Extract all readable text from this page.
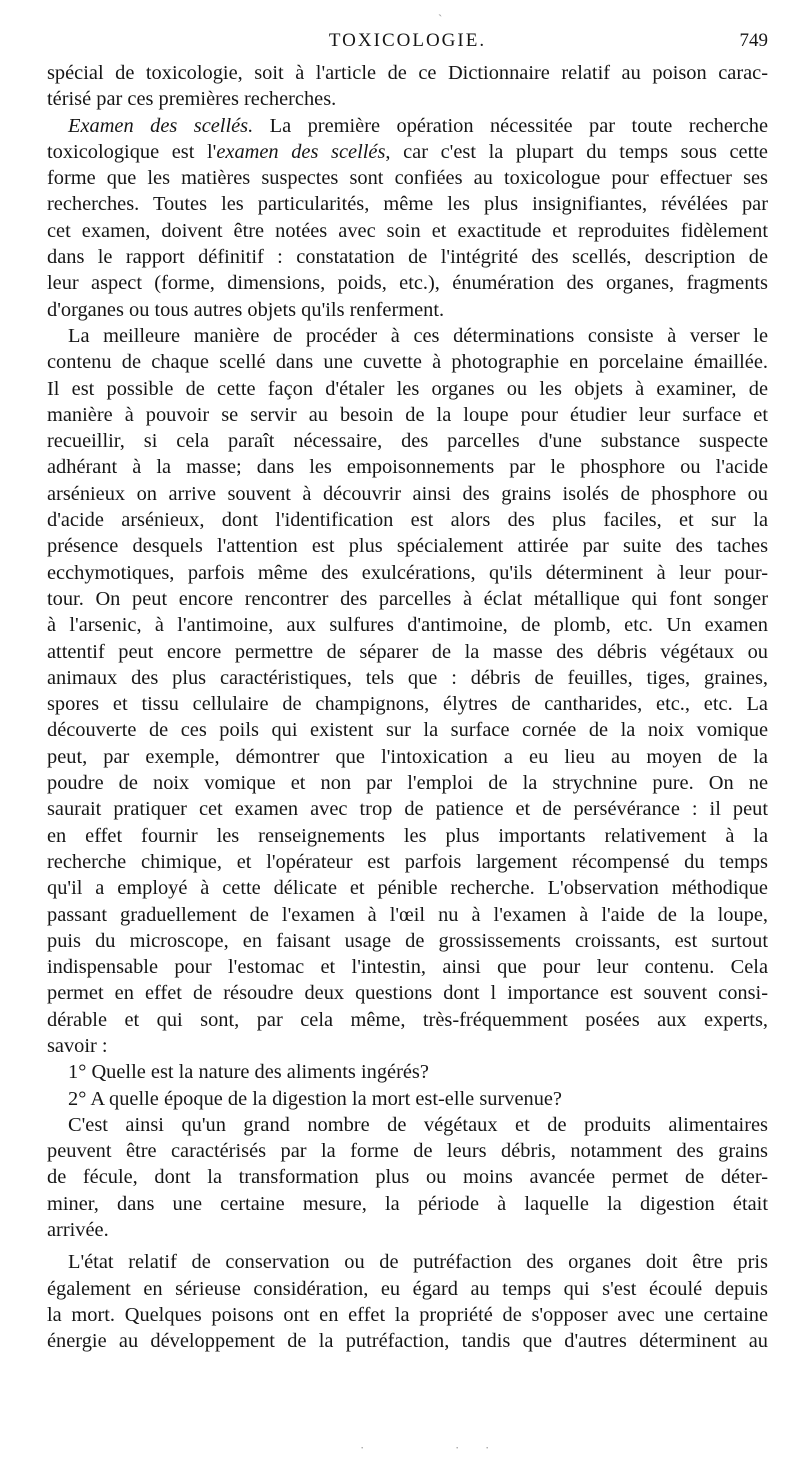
ˏ
TOXICOLOGIE.	749
spécial de toxicologie, soit à l'article de ce Dictionnaire relatif au poison carac-
térisé par ces premières recherches.
Examen des scellés. La première opération nécessitée par toute recherche
toxicologique est l'examen des scellés, car c'est la plupart du temps sous cette
forme que les matières suspectes sont confiées au toxicologue pour effectuer ses
recherches. Toutes les particularités, même les plus insignifiantes, révélées par
cet examen, doivent être notées avec soin et exactitude et reproduites fidèlement
dans le rapport définitif : constatation de l'intégrité des scellés, description de
leur aspect (forme, dimensions, poids, etc.), énumération des organes, fragments
d'organes ou tous autres objets qu'ils renferment.
La meilleure manière de procéder à ces déterminations consiste à verser le
contenu de chaque scellé dans une cuvette à photographie en porcelaine émaillée.
Il est possible de cette façon d'étaler les organes ou les objets à examiner, de
manière à pouvoir se servir au besoin de la loupe pour étudier leur surface et
recueillir, si cela paraît nécessaire, des parcelles d'une substance suspecte
adhérant à la masse; dans les empoisonnements par le phosphore ou l'acide
arsénieux on arrive souvent à découvrir ainsi des grains isolés de phosphore ou
d'acide arsénieux, dont l'identification est alors des plus faciles, et sur la
présence desquels l'attention est plus spécialement attirée par suite des taches
ecchymotiques, parfois même des exulcérations, qu'ils déterminent à leur pour-
tour. On peut encore rencontrer des parcelles à éclat métallique qui font songer
à l'arsenic, à l'antimoine, aux sulfures d'antimoine, de plomb, etc. Un examen
attentif peut encore permettre de séparer de la masse des débris végétaux ou
animaux des plus caractéristiques, tels que : débris de feuilles, tiges, graines,
spores et tissu cellulaire de champignons, élytres de cantharides, etc., etc. La
découverte de ces poils qui existent sur la surface cornée de la noix vomique
peut, par exemple, démontrer que l'intoxication a eu lieu au moyen de la
poudre de noix vomique et non par l'emploi de la strychnine pure. On ne
saurait pratiquer cet examen avec trop de patience et de persévérance : il peut
en effet fournir les renseignements les plus importants relativement à la
recherche chimique, et l'opérateur est parfois largement récompensé du temps
qu'il a employé à cette délicate et pénible recherche. L'observation méthodique
passant graduellement de l'examen à l'œil nu à l'examen à l'aide de la loupe,
puis du microscope, en faisant usage de grossissements croissants, est surtout
indispensable pour l'estomac et l'intestin, ainsi que pour leur contenu. Cela
permet en effet de résoudre deux questions dont l importance est souvent consi-
dérable et qui sont, par cela même, très-fréquemment posées aux experts,
savoir :
1° Quelle est la nature des aliments ingérés?
2° A quelle époque de la digestion la mort est-elle survenue?
C'est ainsi qu'un grand nombre de végétaux et de produits alimentaires
peuvent être caractérisés par la forme de leurs débris, notamment des grains
de fécule, dont la transformation plus ou moins avancée permet de déter-
miner, dans une certaine mesure, la période à laquelle la digestion était
arrivée.
L'état relatif de conservation ou de putréfaction des organes doit être pris
également en sérieuse considération, eu égard au temps qui s'est écoulé depuis
la mort. Quelques poisons ont en effet la propriété de s'opposer avec une certaine
énergie au développement de la putréfaction, tandis que d'autres déterminent au
·	· ·
